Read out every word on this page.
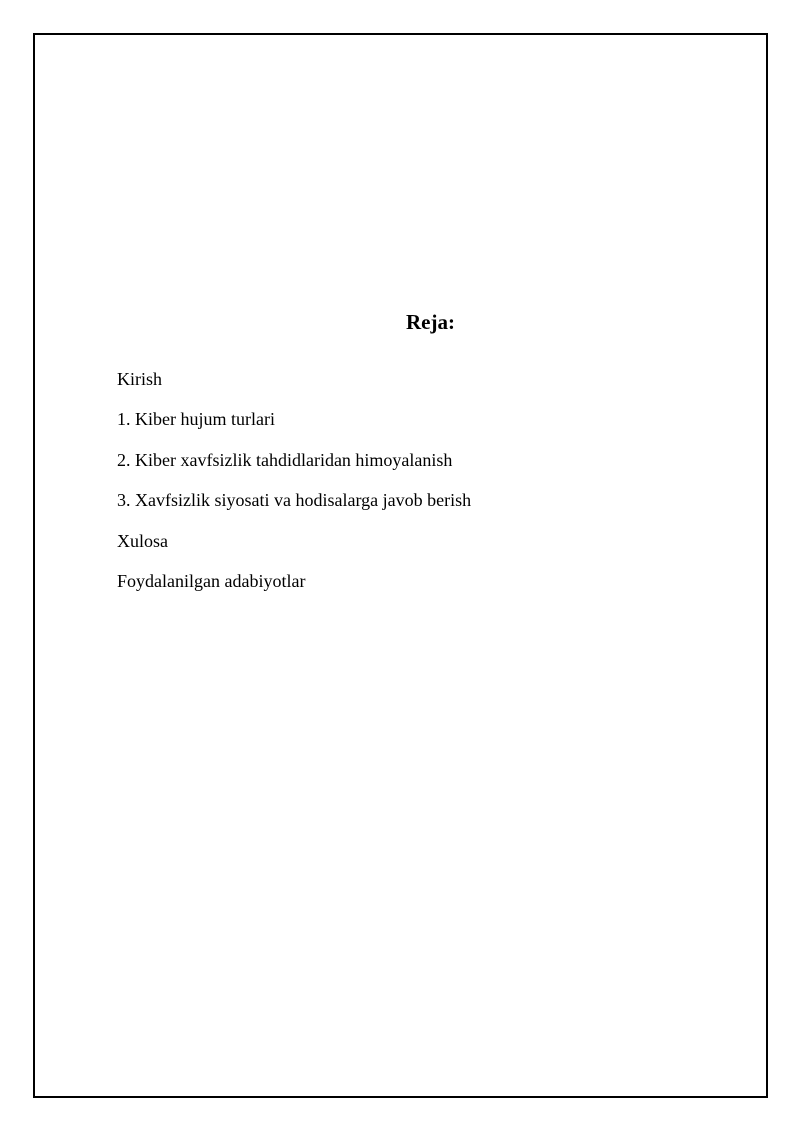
Reja:
Kirish
1. Kiber hujum turlari
2. Kiber xavfsizlik tahdidlaridan himoyalanish
3. Xavfsizlik siyosati va hodisalarga javob berish
Xulosa
Foydalanilgan adabiyotlar
